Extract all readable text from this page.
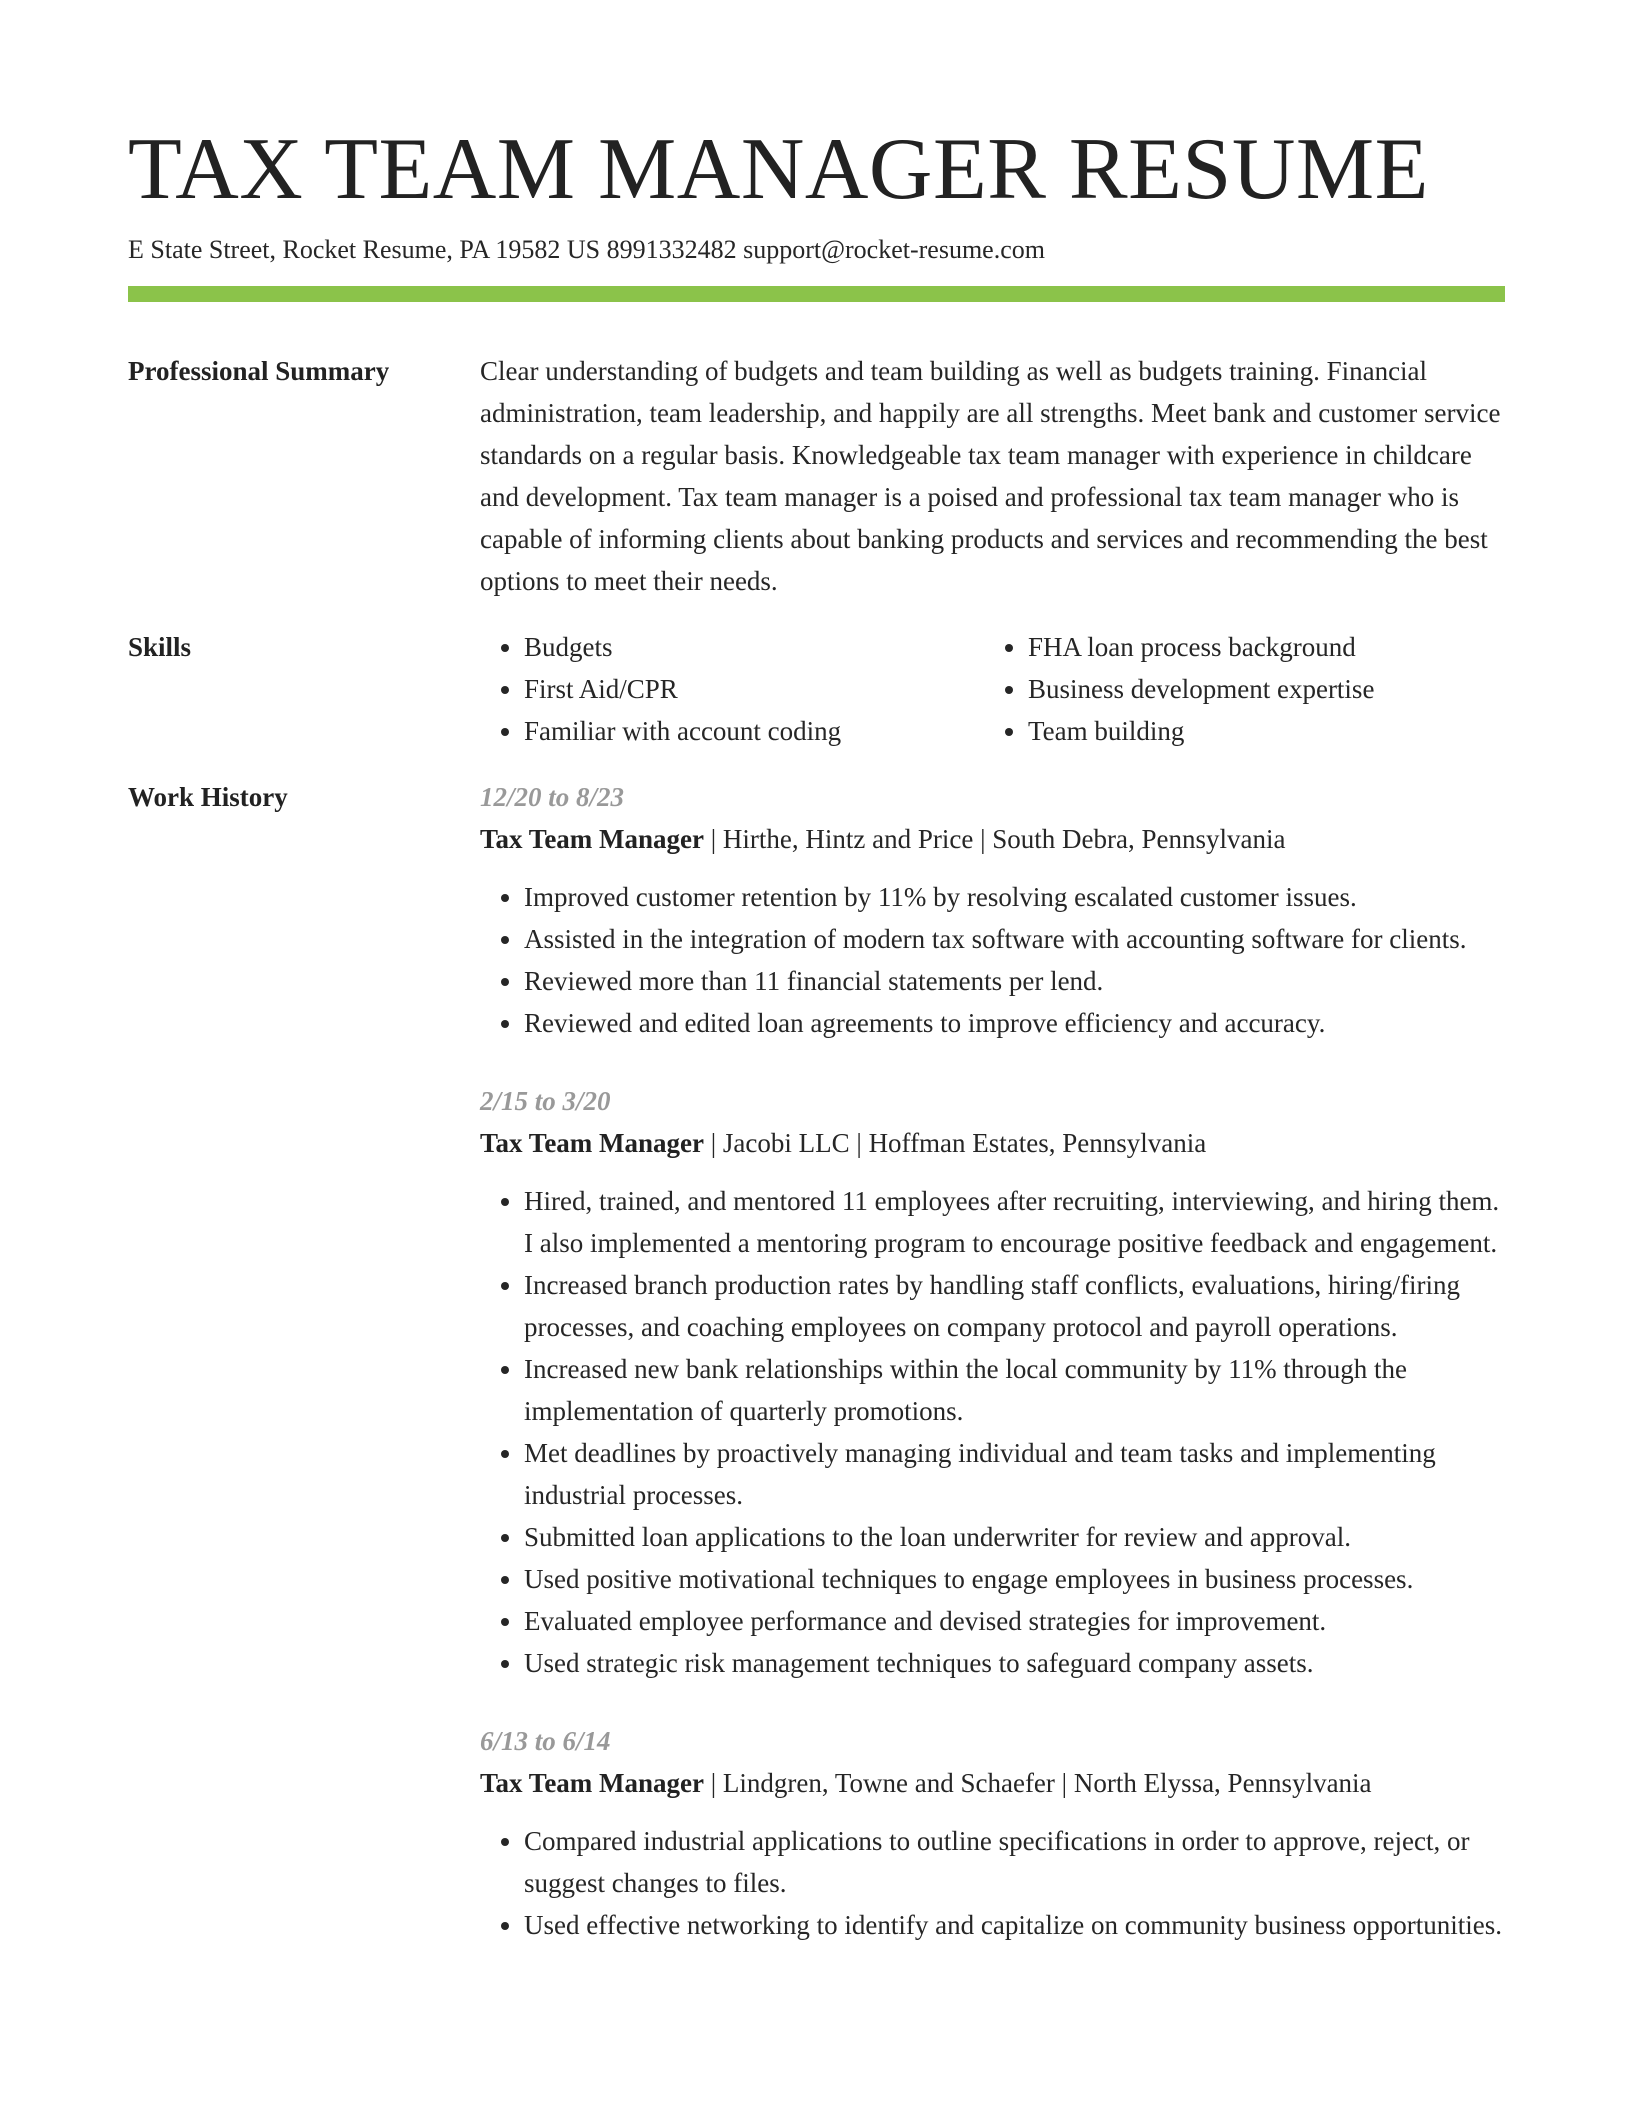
TAX TEAM MANAGER RESUME
E State Street, Rocket Resume, PA 19582 US 8991332482 support@rocket-resume.com
Professional Summary	Clear understanding of budgets and team building as well as budgets training. Financial administration, team leadership, and happily are all strengths. Meet bank and customer service standards on a regular basis. Knowledgeable tax team manager with experience in childcare and development. Tax team manager is a poised and professional tax team manager who is capable of informing clients about banking products and services and recommending the best options to meet their needs.

Skills
•	Budgets
• First Aid/CPR
• Familiar with account coding
• FHA loan process background
• Business development expertise
• Team building
Work History	12/20 to 8/23
Tax Team Manager | Hirthe, Hintz and Price | South Debra, Pennsylvania
• Improved customer retention by 11% by resolving escalated customer issues.
• Assisted in the integration of modern tax software with accounting software for clients.
• Reviewed more than 11 financial statements per lend.
• Reviewed and edited loan agreements to improve efficiency and accuracy.
2/15 to 3/20
Tax Team Manager | Jacobi LLC | Hoffman Estates, Pennsylvania
• Hired, trained, and mentored 11 employees after recruiting, interviewing, and hiring them. I also implemented a mentoring program to encourage positive feedback and engagement.
• Increased branch production rates by handling staff conflicts, evaluations, hiring/firing processes, and coaching employees on company protocol and payroll operations.
• Increased new bank relationships within the local community by 11% through the implementation of quarterly promotions.
• Met deadlines by proactively managing individual and team tasks and implementing industrial processes.
• Submitted loan applications to the loan underwriter for review and approval.
• Used positive motivational techniques to engage employees in business processes.
• Evaluated employee performance and devised strategies for improvement.
• Used strategic risk management techniques to safeguard company assets.
6/13 to 6/14
Tax Team Manager | Lindgren, Towne and Schaefer | North Elyssa, Pennsylvania
• Compared industrial applications to outline specifications in order to approve, reject, or suggest changes to files.
• Used effective networking to identify and capitalize on community business opportunities.
